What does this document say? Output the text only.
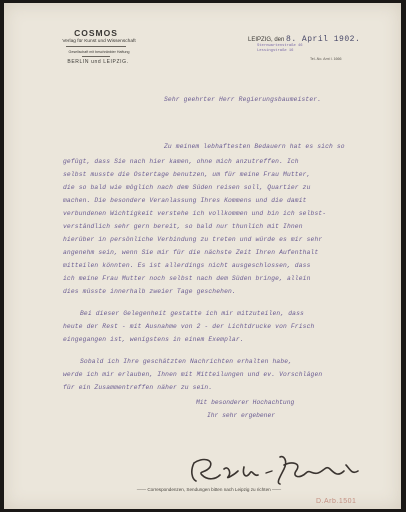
COSMOS
Verlag für Kunst und Wissenschaft
Gesellschaft mit beschränkter Haftung
BERLIN und LEIPZIG.
LEIPZIG, den 8. April 1902.
Sternwartenstraße 46
Lessingstraße 16
Tel.-No. Amt I. 1666
Sehr geehrter Herr Regierungsbaumeister.
Zu meinem lebhaftesten Bedauern hat es sich so
gefügt, dass Sie nach hier kamen, ohne mich anzutreffen. Ich
selbst musste die Ostertage benutzen, um für meine Frau Mutter,
die so bald wie möglich nach dem Süden reisen soll, Quartier zu
machen. Die besondere Veranlassung Ihres Kommens und die damit
verbundenen Wichtigkeit verstehe ich vollkommen und bin ich selbst-
verständlich sehr gern bereit, so bald nur thunlich mit Ihnen
hierüber in persönliche Verbindung zu treten und würde es mir sehr
angenehm sein, wenn Sie mir für die nächste Zeit Ihren Aufenthalt
mitteilen könnten. Es ist allerdings nicht ausgeschlossen, dass
ich meine Frau Mutter noch selbst nach dem Süden bringe, allein
dies müsste innerhalb zweier Tage geschehen.
Bei dieser Gelegenheit gestatte ich mir mitzuteilen, dass
heute der Rest - mit Ausnahme von 2 - der Lichtdrucke von Frisch
eingegangen ist, wenigstens in einem Exemplar.
Sobald ich Ihre geschätzten Nachrichten erhalten habe,
werde ich mir erlauben, Ihnen mit Mitteilungen und ev. Vorschlägen
für ein Zusammentreffen näher zu sein.
Mit besonderer Hochachtung
Ihr sehr ergebener
—— Correspondenzen, Sendungen bitten nach Leipzig zu richten ——
D.Arb.1501
